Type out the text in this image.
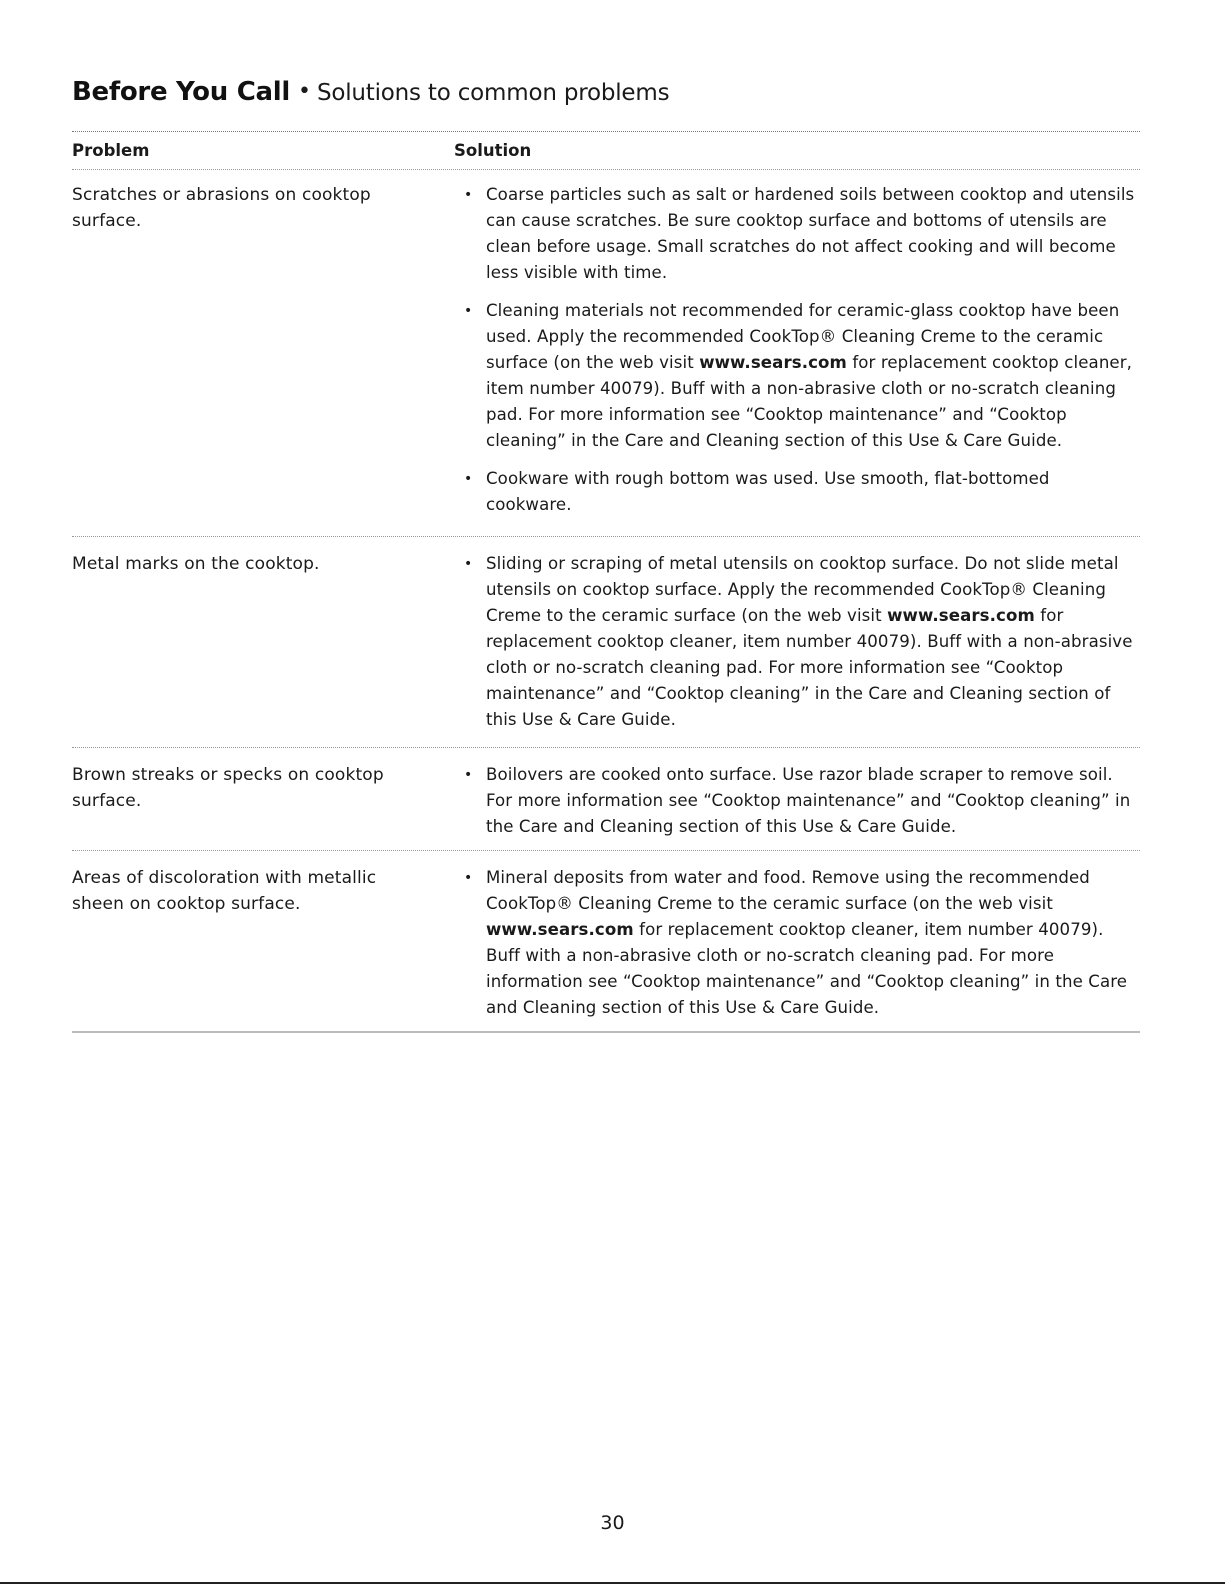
Before You Call • Solutions to common problems
Problem	Solution
Scratches or abrasions on cooktop surface.
• Coarse particles such as salt or hardened soils between cooktop and utensils can cause scratches. Be sure cooktop surface and bottoms of utensils are clean before usage. Small scratches do not affect cooking and will become less visible with time.
• Cleaning materials not recommended for ceramic-glass cooktop have been used. Apply the recommended CookTop® Cleaning Creme to the ceramic surface (on the web visit www.sears.com for replacement cooktop cleaner, item number 40079). Buff with a non-abrasive cloth or no-scratch cleaning pad. For more information see “Cooktop maintenance” and “Cooktop cleaning” in the Care and Cleaning section of this Use & Care Guide.
• Cookware with rough bottom was used. Use smooth, flat-bottomed cookware.
Metal marks on the cooktop.	• Sliding or scraping of metal utensils on cooktop surface. Do not slide metal utensils on cooktop surface. Apply the recommended CookTop® Cleaning Creme to the ceramic surface (on the web visit www.sears.com for replacement cooktop cleaner, item number 40079). Buff with a non-abrasive cloth or no-scratch cleaning pad. For more information see “Cooktop maintenance” and “Cooktop cleaning” in the Care and Cleaning section of this Use & Care Guide.
Brown streaks or specks on cooktop surface.
• Boilovers are cooked onto surface. Use razor blade scraper to remove soil. For more information see “Cooktop maintenance” and “Cooktop cleaning” in the Care and Cleaning section of this Use & Care Guide.
Areas of discoloration with metallic sheen on cooktop surface.
• Mineral deposits from water and food. Remove using the recommended CookTop® Cleaning Creme to the ceramic surface (on the web visit www.sears.com for replacement cooktop cleaner, item number 40079). Buff with a non-abrasive cloth or no-scratch cleaning pad. For more information see “Cooktop maintenance” and “Cooktop cleaning” in the Care and Cleaning section of this Use & Care Guide.
30
